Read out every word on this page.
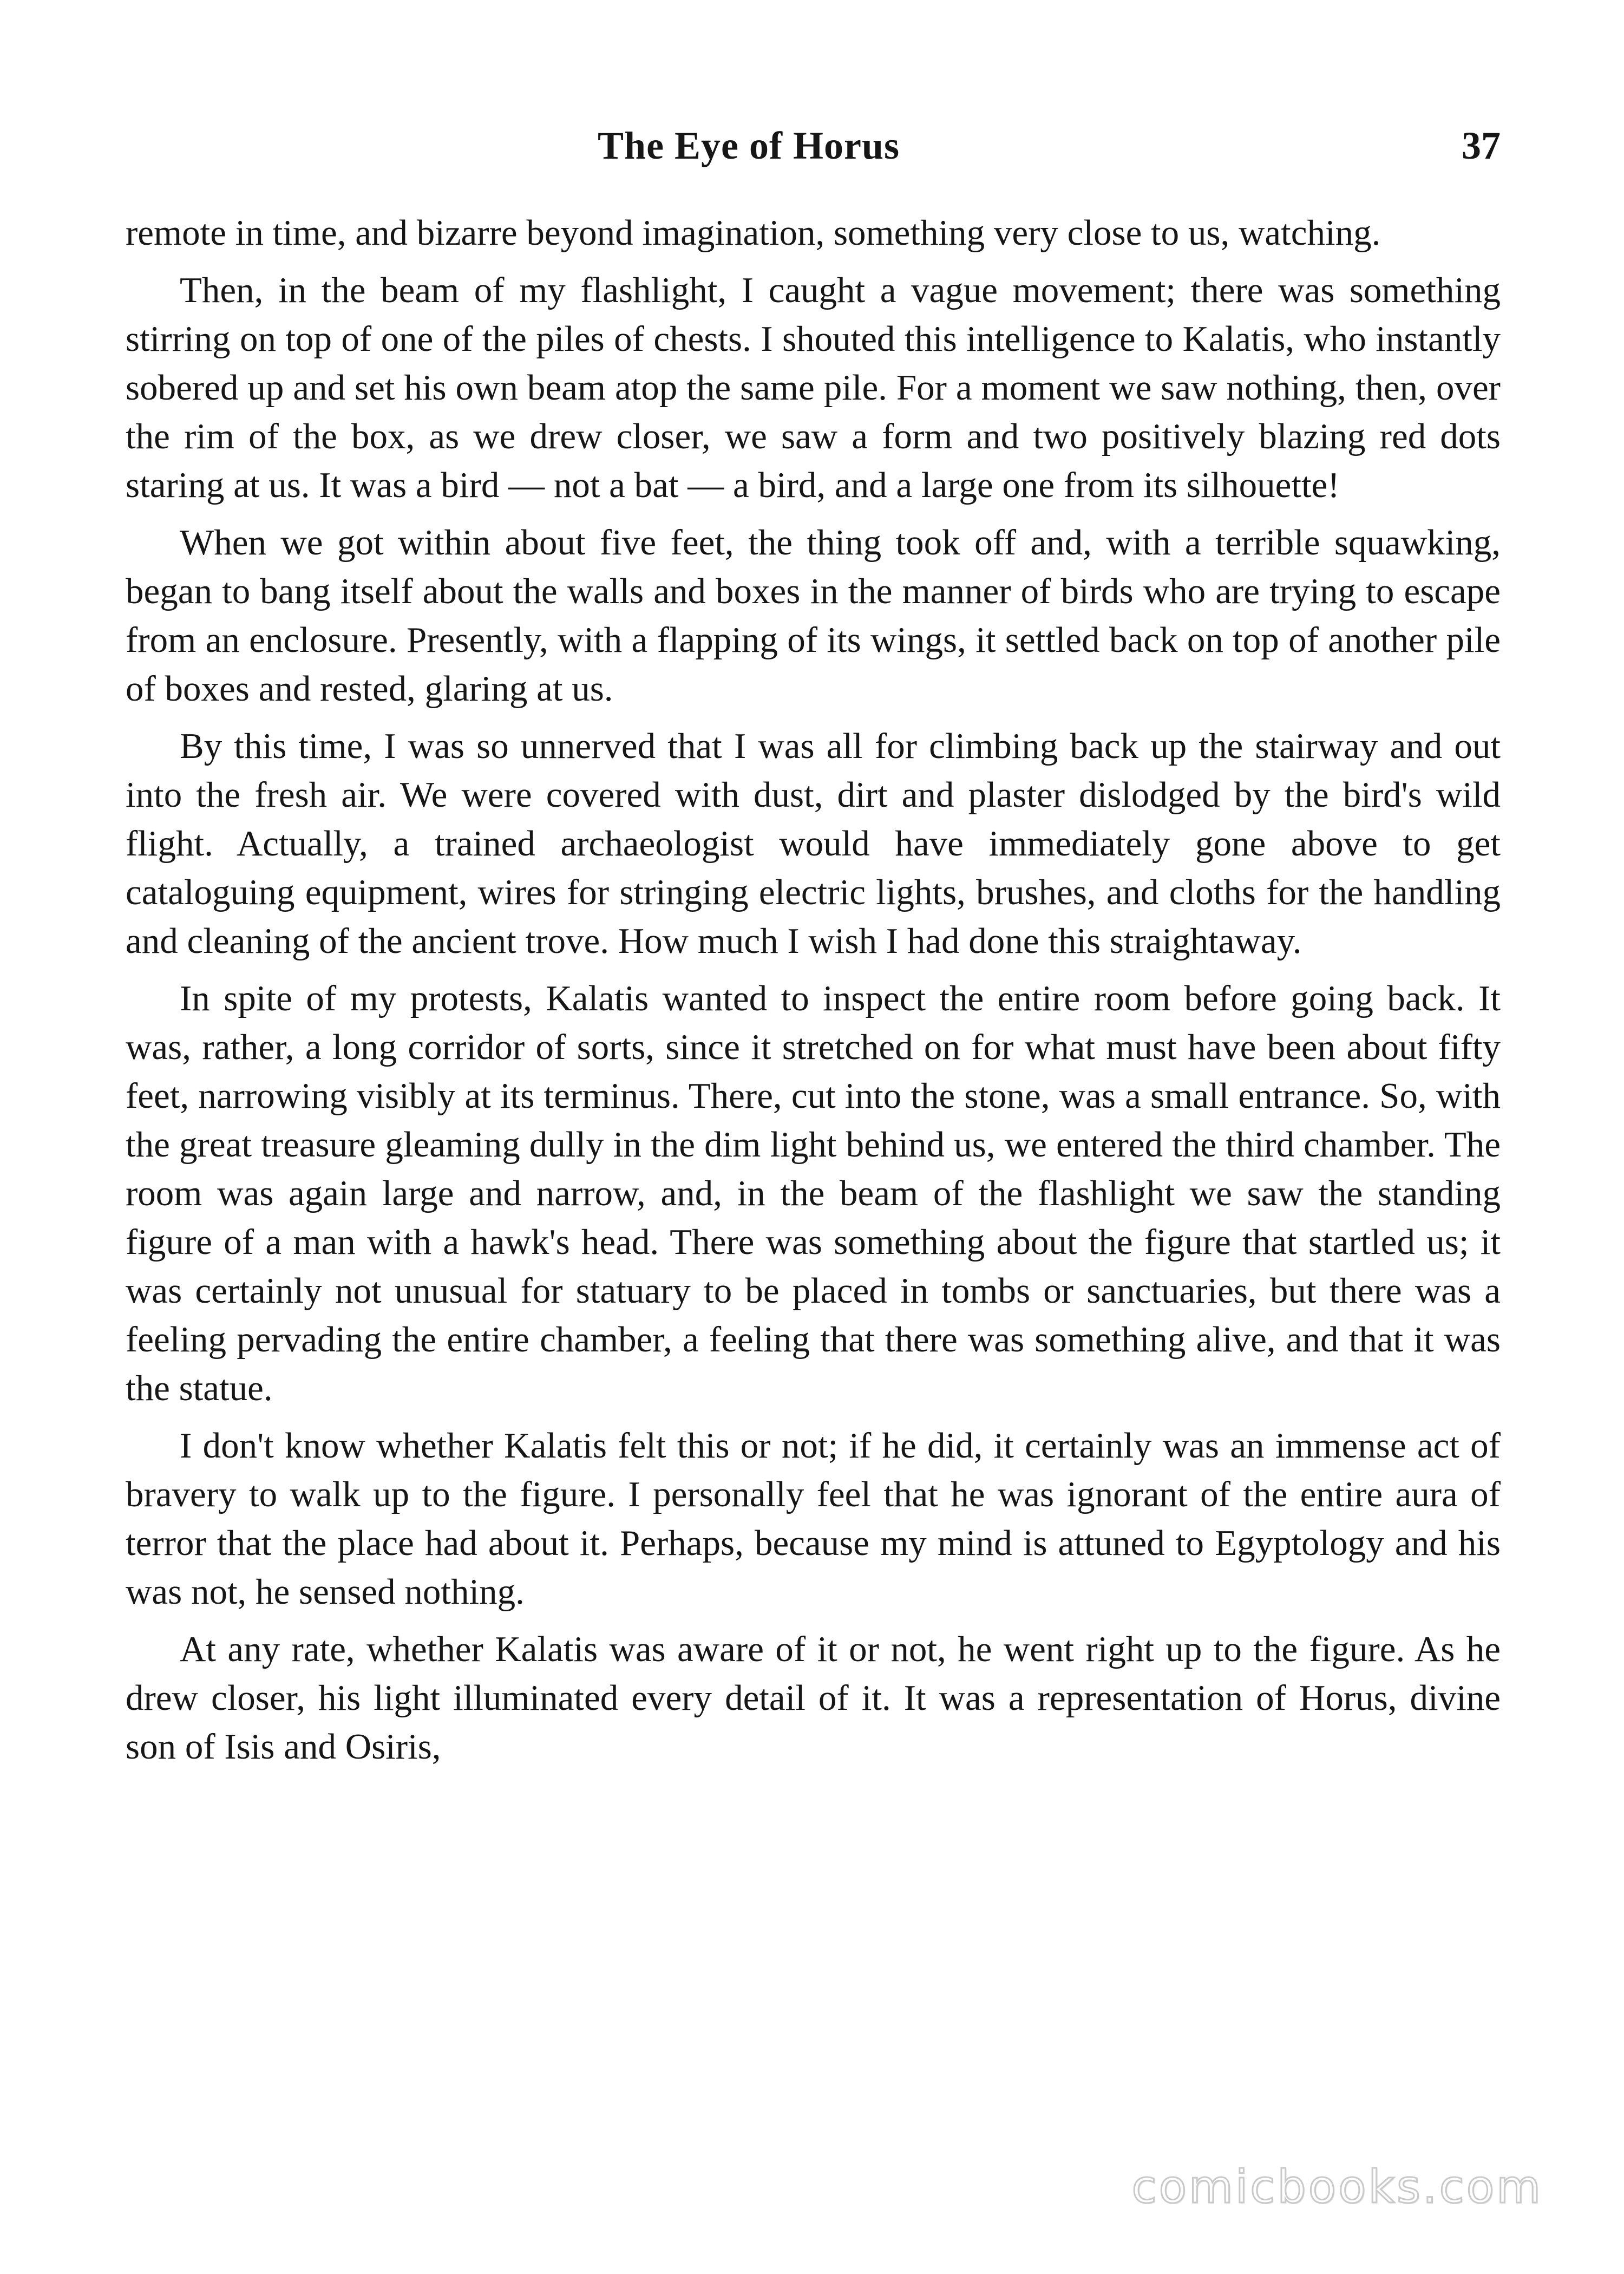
The Eye of Horus	37

remote in time, and bizarre beyond imagination, something very close to us, watching.

Then, in the beam of my flashlight, I caught a vague movement; there was something stirring on top of one of the piles of chests. I shouted this intelligence to Kalatis, who instantly sobered up and set his own beam atop the same pile. For a moment we saw nothing, then, over the rim of the box, as we drew closer, we saw a form and two positively blazing red dots staring at us. It was a bird — not a bat — a bird, and a large one from its silhouette!

When we got within about five feet, the thing took off and, with a terrible squawking, began to bang itself about the walls and boxes in the manner of birds who are trying to escape from an enclosure. Presently, with a flapping of its wings, it settled back on top of another pile of boxes and rested, glaring at us.

By this time, I was so unnerved that I was all for climbing back up the stairway and out into the fresh air. We were covered with dust, dirt and plaster dislodged by the bird's wild flight. Actually, a trained archaeologist would have immediately gone above to get cataloguing equipment, wires for stringing electric lights, brushes, and cloths for the handling and cleaning of the ancient trove. How much I wish I had done this straightaway.

In spite of my protests, Kalatis wanted to inspect the entire room before going back. It was, rather, a long corridor of sorts, since it stretched on for what must have been about fifty feet, narrowing visibly at its terminus. There, cut into the stone, was a small entrance. So, with the great treasure gleaming dully in the dim light behind us, we entered the third chamber. The room was again large and narrow, and, in the beam of the flashlight we saw the standing figure of a man with a hawk's head. There was something about the figure that startled us; it was certainly not unusual for statuary to be placed in tombs or sanctuaries, but there was a feeling pervading the entire chamber, a feeling that there was something alive, and that it was the statue.

I don't know whether Kalatis felt this or not; if he did, it certainly was an immense act of bravery to walk up to the figure. I personally feel that he was ignorant of the entire aura of terror that the place had about it. Perhaps, because my mind is attuned to Egyptology and his was not, he sensed nothing.

At any rate, whether Kalatis was aware of it or not, he went right up to the figure. As he drew closer, his light illuminated every detail of it. It was a representation of Horus, divine son of Isis and Osiris,

comicbooks.com
